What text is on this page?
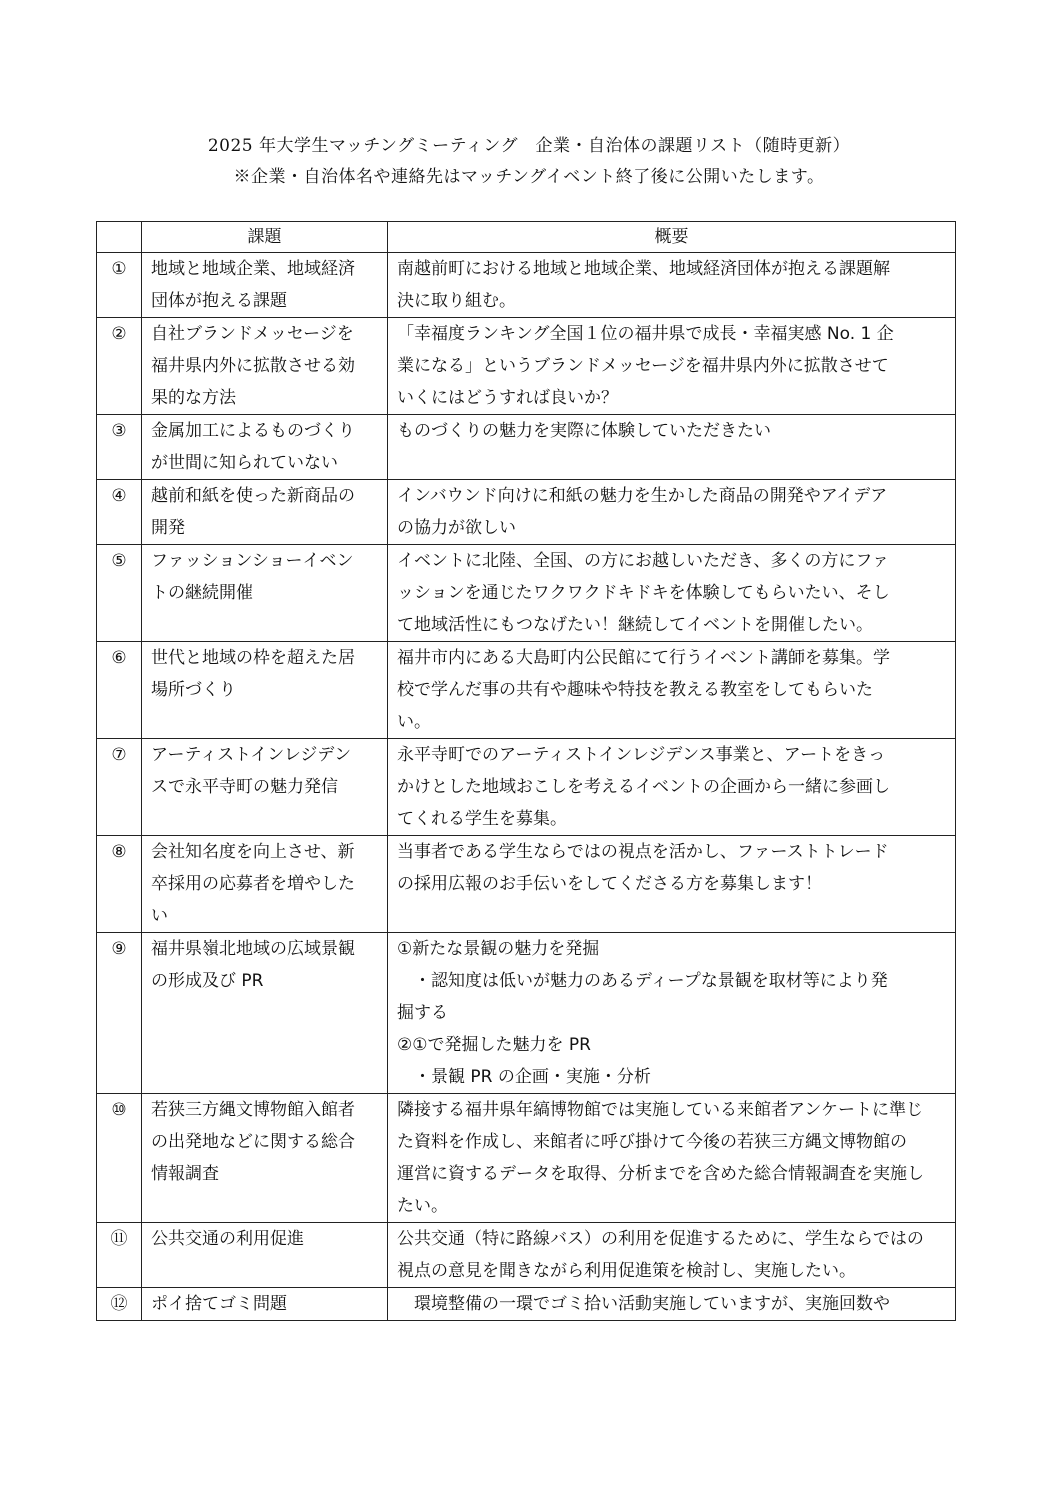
2025 年大学生マッチングミーティング　企業・自治体の課題リスト（随時更新）
※企業・自治体名や連絡先はマッチングイベント終了後に公開いたします。
	課題	概要
①	地域と地域企業、地域経済
団体が抱える課題	南越前町における地域と地域企業、地域経済団体が抱える課題解
決に取り組む。

②	自社ブランドメッセージを
福井県内外に拡散させる効
果的な方法	「幸福度ランキング全国１位の福井県で成長・幸福実感 No. 1 企
業になる」というブランドメッセージを福井県内外に拡散させて
いくにはどうすれば良いか？

③	金属加工によるものづくり
が世間に知られていない	ものづくりの魅力を実際に体験していただきたい

④	越前和紙を使った新商品の
開発	インバウンド向けに和紙の魅力を生かした商品の開発やアイデア
の協力が欲しい

⑤	ファッションショーイベン
トの継続開催	イベントに北陸、全国、の方にお越しいただき、多くの方にファ
ッションを通じたワクワクドキドキを体験してもらいたい、そし
て地域活性にもつなげたい！継続してイベントを開催したい。

⑥	世代と地域の枠を超えた居
場所づくり	福井市内にある大島町内公民館にて行うイベント講師を募集。学
校で学んだ事の共有や趣味や特技を教える教室をしてもらいた
い。

⑦	アーティストインレジデン
スで永平寺町の魅力発信	永平寺町でのアーティストインレジデンス事業と、アートをきっ
かけとした地域おこしを考えるイベントの企画から一緒に参画し
てくれる学生を募集。

⑧	会社知名度を向上させ、新
卒採用の応募者を増やした
い	当事者である学生ならではの視点を活かし、ファーストトレード
の採用広報のお手伝いをしてくださる方を募集します！

⑨	福井県嶺北地域の広域景観
の形成及び PR	①新たな景観の魅力を発掘
　・認知度は低いが魅力のあるディープな景観を取材等により発
掘する
②①で発掘した魅力を PR
　・景観 PR の企画・実施・分析

⑩	若狭三方縄文博物館入館者
の出発地などに関する総合
情報調査	隣接する福井県年縞博物館では実施している来館者アンケートに準じ
た資料を作成し、来館者に呼び掛けて今後の若狭三方縄文博物館の
運営に資するデータを取得、分析までを含めた総合情報調査を実施し
たい。

⑪	公共交通の利用促進	公共交通（特に路線バス）の利用を促進するために、学生ならではの
視点の意見を聞きながら利用促進策を検討し、実施したい。

⑫	ポイ捨てゴミ問題	　環境整備の一環でゴミ拾い活動実施していますが、実施回数や
